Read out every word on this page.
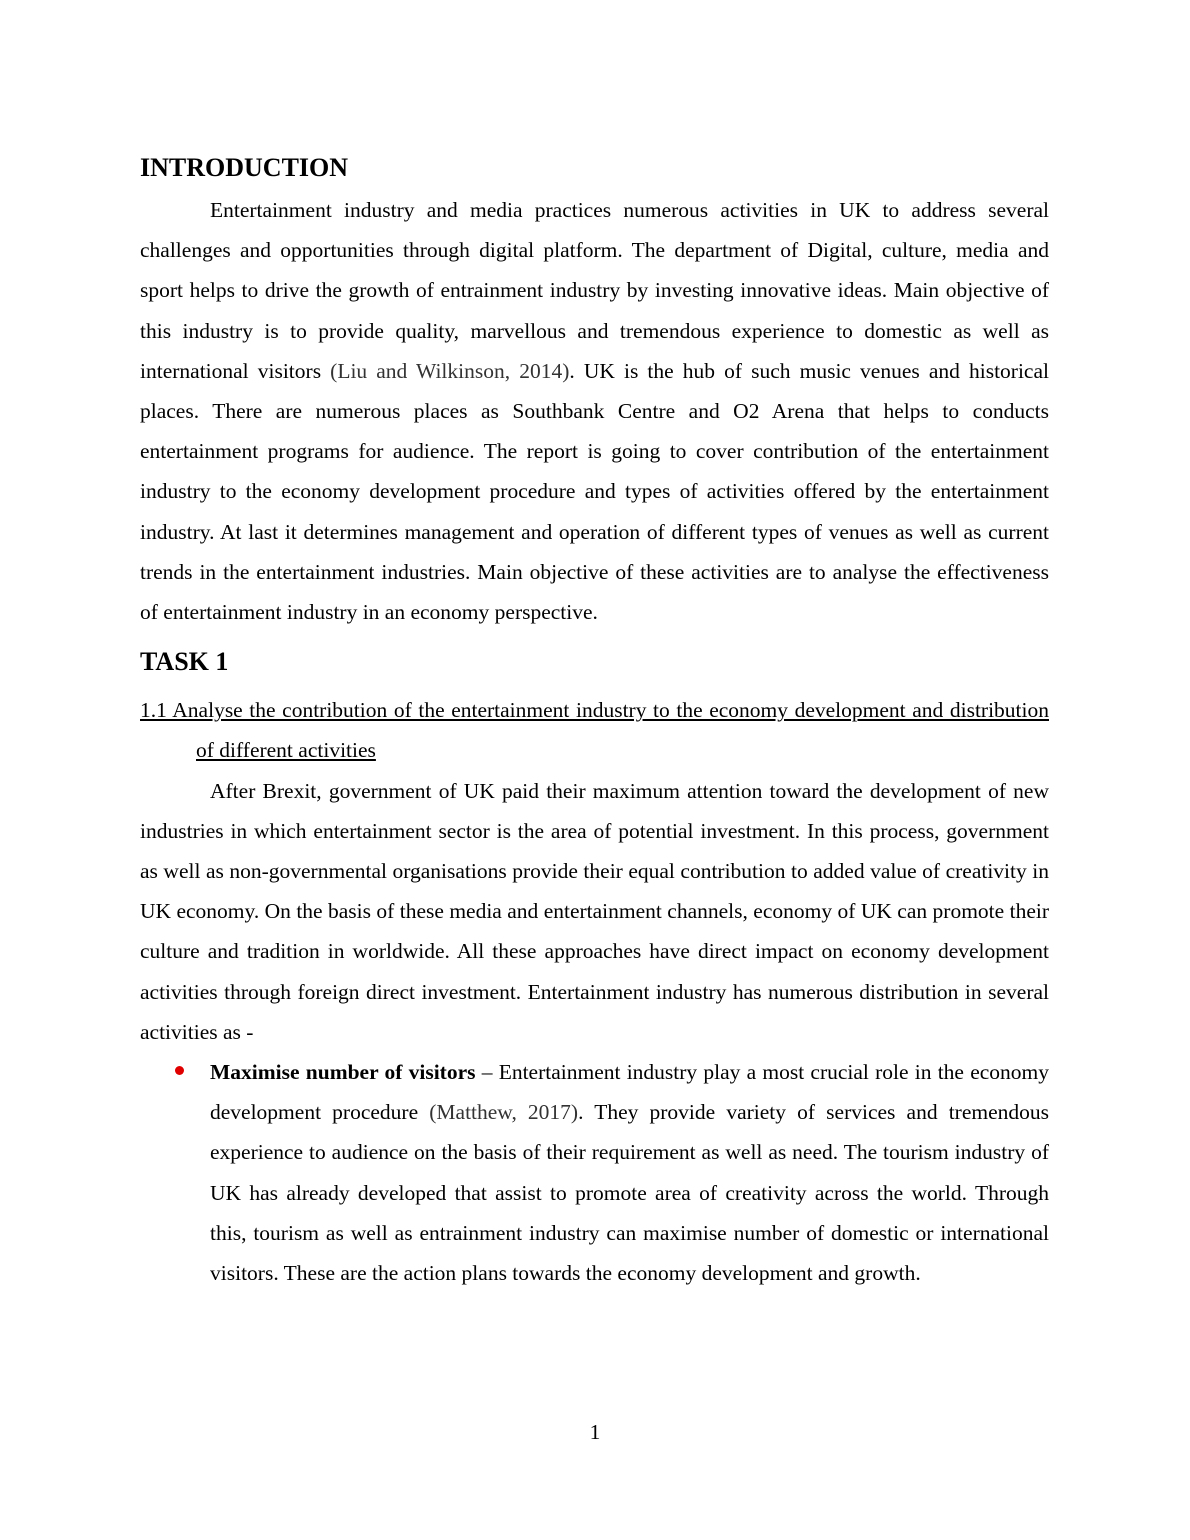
INTRODUCTION

Entertainment industry and media practices numerous activities in UK to address several challenges and opportunities through digital platform. The department of Digital, culture, media and sport helps to drive the growth of entrainment industry by investing innovative ideas. Main objective of this industry is to provide quality, marvellous and tremendous experience to domestic as well as international visitors (Liu and Wilkinson, 2014). UK is the hub of such music venues and historical places. There are numerous places as Southbank Centre and O2 Arena that helps to conducts entertainment programs for audience. The report is going to cover contribution of the entertainment industry to the economy development procedure and types of activities offered by the entertainment industry. At last it determines management and operation of different types of venues as well as current trends in the entertainment industries. Main objective of these activities are to analyse the effectiveness of entertainment industry in an economy perspective.

TASK 1

1.1 Analyse the contribution of the entertainment industry to the economy development and distribution of different activities

After Brexit, government of UK paid their maximum attention toward the development of new industries in which entertainment sector is the area of potential investment. In this process, government as well as non-governmental organisations provide their equal contribution to added value of creativity in UK economy. On the basis of these media and entertainment channels, economy of UK can promote their culture and tradition in worldwide. All these approaches have direct impact on economy development activities through foreign direct investment. Entertainment industry has numerous distribution in several activities as -

Maximise number of visitors – Entertainment industry play a most crucial role in the economy development procedure (Matthew, 2017). They provide variety of services and tremendous experience to audience on the basis of their requirement as well as need. The tourism industry of UK has already developed that assist to promote area of creativity across the world. Through this, tourism as well as entrainment industry can maximise number of domestic or international visitors. These are the action plans towards the economy development and growth.
1
